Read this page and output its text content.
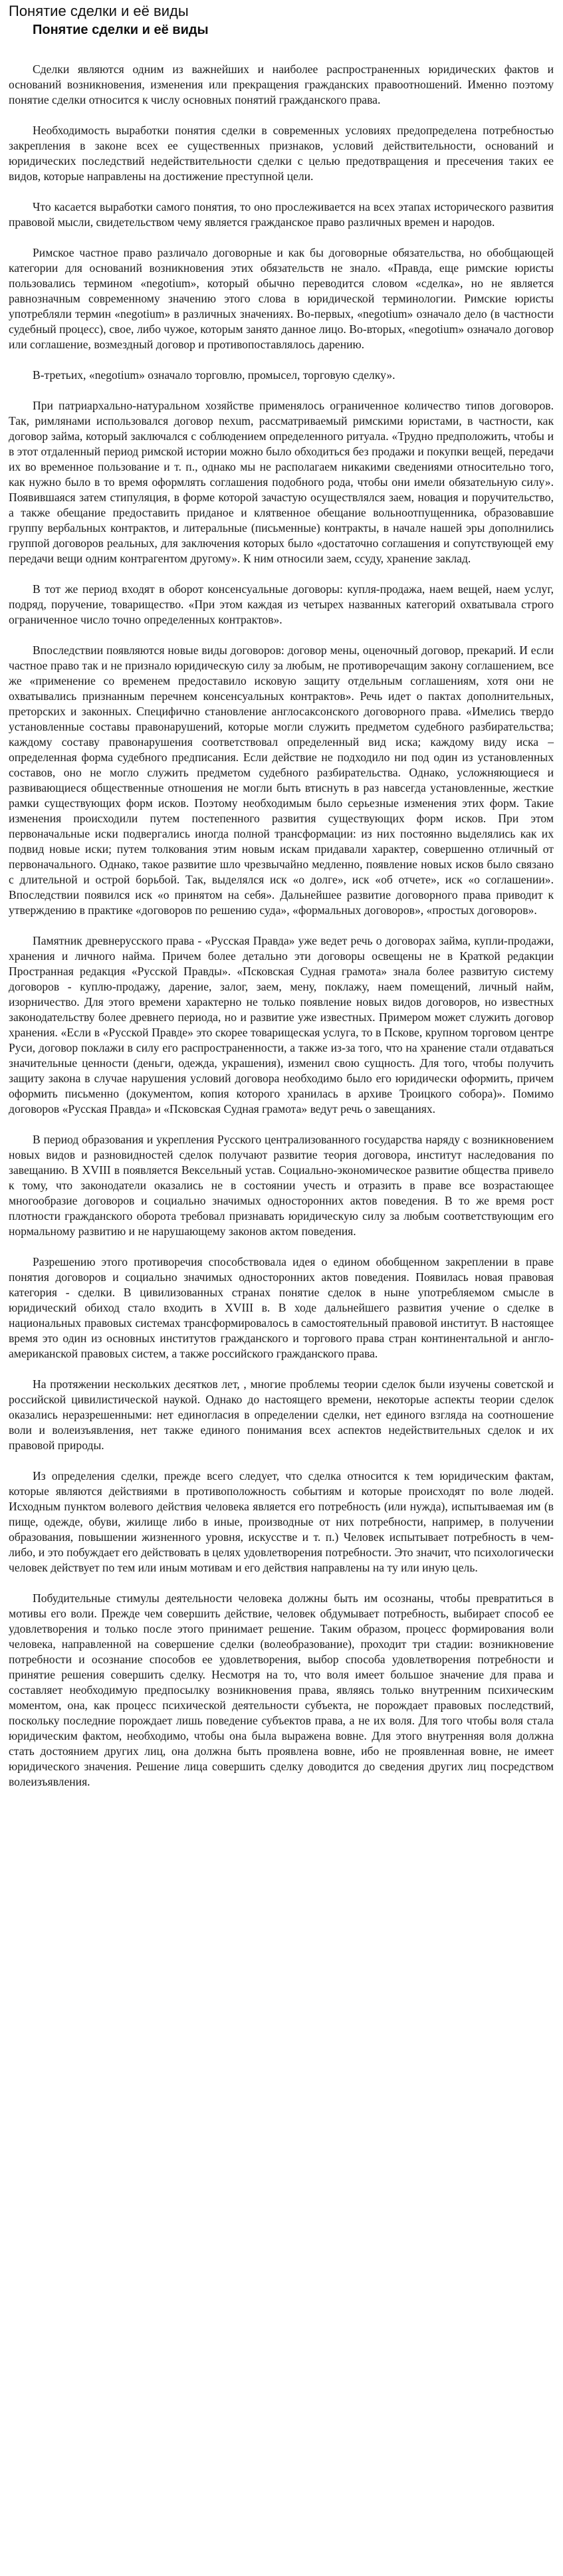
Понятие сделки и её виды
Понятие сделки и её виды

Сделки являются одним из важнейших и наиболее распространенных юридических фактов и оснований возникновения, изменения или прекращения гражданских правоотношений. Именно поэтому понятие сделки относится к числу основных понятий гражданского права.

Необходимость выработки понятия сделки в современных условиях предопределена потребностью закрепления в законе всех ее существенных признаков, условий действительности, оснований и юридических последствий недействительности сделки с целью предотвращения и пресечения таких ее видов, которые направлены на достижение преступной цели.

Что касается выработки самого понятия, то оно прослеживается на всех этапах исторического развития правовой мысли, свидетельством чему является гражданское право различных времен и народов.

Римское частное право различало договорные и как бы договорные обязательства, но обобщающей категории для оснований возникновения этих обязательств не знало. «Правда, еще римские юристы пользовались термином «negotium», который обычно переводится словом «сделка», но не является равнозначным современному значению этого слова в юридической терминологии. Римские юристы употребляли термин «negotium» в различных значениях. Во-первых, «negotium» означало дело (в частности судебный процесс), свое, либо чужое, которым занято данное лицо. Во-вторых, «negotium» означало договор или соглашение, возмездный договор и противопоставлялось дарению.

В-третьих, «negotium» означало торговлю, промысел, торговую сделку».

При патриархально-натуральном хозяйстве применялось ограниченное количество типов договоров. Так, римлянами использовался договор nexum, рассматриваемый римскими юристами, в частности, как договор займа, который заключался с соблюдением определенного ритуала. «Трудно предположить, чтобы и в этот отдаленный период римской истории можно было обходиться без продажи и покупки вещей, передачи их во временное пользование и т. п., однако мы не располагаем никакими сведениями относительно того, как нужно было в то время оформлять соглашения подобного рода, чтобы они имели обязательную силу». Появившаяся затем стипуляция, в форме которой зачастую осуществлялся заем, новация и поручительство, а также обещание предоставить приданое и клятвенное обещание вольноотпущенника, образовавшие группу вербальных контрактов, и литеральные (письменные) контракты, в начале нашей эры дополнились группой договоров реальных, для заключения которых было «достаточно соглашения и сопутствующей ему передачи вещи одним контрагентом другому». К ним относили заем, ссуду, хранение заклад.

В тот же период входят в оборот консенсуальные договоры: купля-продажа, наем вещей, наем услуг, подряд, поручение, товарищество. «При этом каждая из четырех названных категорий охватывала строго ограниченное число точно определенных контрактов».

Впоследствии появляются новые виды договоров: договор мены, оценочный договор, прекарий. И если частное право так и не признало юридическую силу за любым, не противоречащим закону соглашением, все же «применение со временем предоставило исковую защиту отдельным соглашениям, хотя они не охватывались признанным перечнем консенсуальных контрактов». Речь идет о пактах дополнительных, преторских и законных. Специфично становление англосаксонского договорного права. «Имелись твердо установленные составы правонарушений, которые могли служить предметом судебного разбирательства; каждому составу правонарушения соответствовал определенный вид иска; каждому виду иска – определенная форма судебного предписания. Если действие не подходило ни под один из установленных составов, оно не могло служить предметом судебного разбирательства. Однако, усложняющиеся и развивающиеся общественные отношения не могли быть втиснуть в раз навсегда установленные, жесткие рамки существующих форм исков. Поэтому необходимым было серьезные изменения этих форм. Такие изменения происходили путем постепенного развития существующих форм исков. При этом первоначальные иски подвергались иногда полной трансформации: из них постоянно выделялись как их подвид новые иски; путем толкования этим новым искам придавали характер, совершенно отличный от первоначального. Однако, такое развитие шло чрезвычайно медленно, появление новых исков было связано с длительной и острой борьбой. Так, выделялся иск «о долге», иск «об отчете», иск «о соглашении». Впоследствии появился иск «о принятом на себя». Дальнейшее развитие договорного права приводит к утверждению в практике «договоров по решению суда», «формальных договоров», «простых договоров».

Памятник древнерусского права - «Русская Правда» уже ведет речь о договорах займа, купли-продажи, хранения и личного найма. Причем более детально эти договоры освещены не в Краткой редакции Пространная редакция «Русской Правды». «Псковская Судная грамота» знала более развитую систему договоров - куплю-продажу, дарение, залог, заем, мену, поклажу, наем помещений, личный найм, изорничество. Для этого времени характерно не только появление новых видов договоров, но известных законодательству более древнего периода, но и развитие уже известных. Примером может служить договор хранения. «Если в «Русской Правде» это скорее товарищеская услуга, то в Пскове, крупном торговом центре Руси, договор поклажи в силу его распространенности, а также из-за того, что на хранение стали отдаваться значительные ценности (деньги, одежда, украшения), изменил свою сущность. Для того, чтобы получить защиту закона в случае нарушения условий договора необходимо было его юридически оформить, причем оформить письменно (документом, копия которого хранилась в архиве Троицкого собора)». Помимо договоров «Русская Правда» и «Псковская Судная грамота» ведут речь о завещаниях.

В период образования и укрепления Русского централизованного государства наряду с возникновением новых видов и разновидностей сделок получают развитие теория договора, институт наследования по завещанию. В XVIII в появляется Вексельный устав. Социально-экономическое развитие общества привело к тому, что законодатели оказались не в состоянии учесть и отразить в праве все возрастающее многообразие договоров и социально значимых односторонних актов поведения. В то же время рост плотности гражданского оборота требовал признавать юридическую силу за любым соответствующим его нормальному развитию и не нарушающему законов актом поведения.

Разрешению этого противоречия способствовала идея о едином обобщенном закреплении в праве понятия договоров и социально значимых односторонних актов поведения. Появилась новая правовая категория - сделки. В цивилизованных странах понятие сделок в ныне употребляемом смысле в юридический обиход стало входить в XVIII в. В ходе дальнейшего развития учение о сделке в национальных правовых системах трансформировалось в самостоятельный правовой институт. В настоящее время это один из основных институтов гражданского и торгового права стран континентальной и англо-американской правовых систем, а также российского гражданского права.

На протяжении нескольких десятков лет, , многие проблемы теории сделок были изучены советской и российской цивилистической наукой. Однако до настоящего времени, некоторые аспекты теории сделок оказались неразрешенными: нет единогласия в определении сделки, нет единого взгляда на соотношение воли и волеизъявления, нет также единого понимания всех аспектов недействительных сделок и их правовой природы.

Из определения сделки, прежде всего следует, что сделка относится к тем юридическим фактам, которые являются действиями в противоположность событиям и которые происходят по воле людей. Исходным пунктом волевого действия человека является его потребность (или нужда), испытываемая им (в пище, одежде, обуви, жилище либо в иные, производные от них потребности, например, в получении образования, повышении жизненного уровня, искусстве и т. п.) Человек испытывает потребность в чем-либо, и это побуждает его действовать в целях удовлетворения потребности. Это значит, что психологически человек действует по тем или иным мотивам и его действия направлены на ту или иную цель.

Побудительные стимулы деятельности человека должны быть им осознаны, чтобы превратиться в мотивы его воли. Прежде чем совершить действие, человек обдумывает потребность, выбирает способ ее удовлетворения и только после этого принимает решение. Таким образом, процесс формирования воли человека, направленной на совершение сделки (волеобразование), проходит три стадии: возникновение потребности и осознание способов ее удовлетворения, выбор способа удовлетворения потребности и принятие решения совершить сделку. Несмотря на то, что воля имеет большое значение для права и составляет необходимую предпосылку возникновения права, являясь только внутренним психическим моментом, она, как процесс психической деятельности субъекта, не порождает правовых последствий, поскольку последние порождает лишь поведение субъектов права, а не их воля. Для того чтобы воля стала юридическим фактом, необходимо, чтобы она была выражена вовне. Для этого внутренняя воля должна стать достоянием других лиц, она должна быть проявлена вовне, ибо не проявленная вовне, не имеет юридического значения. Решение лица совершить сделку доводится до сведения других лиц посредством волеизъявления.
